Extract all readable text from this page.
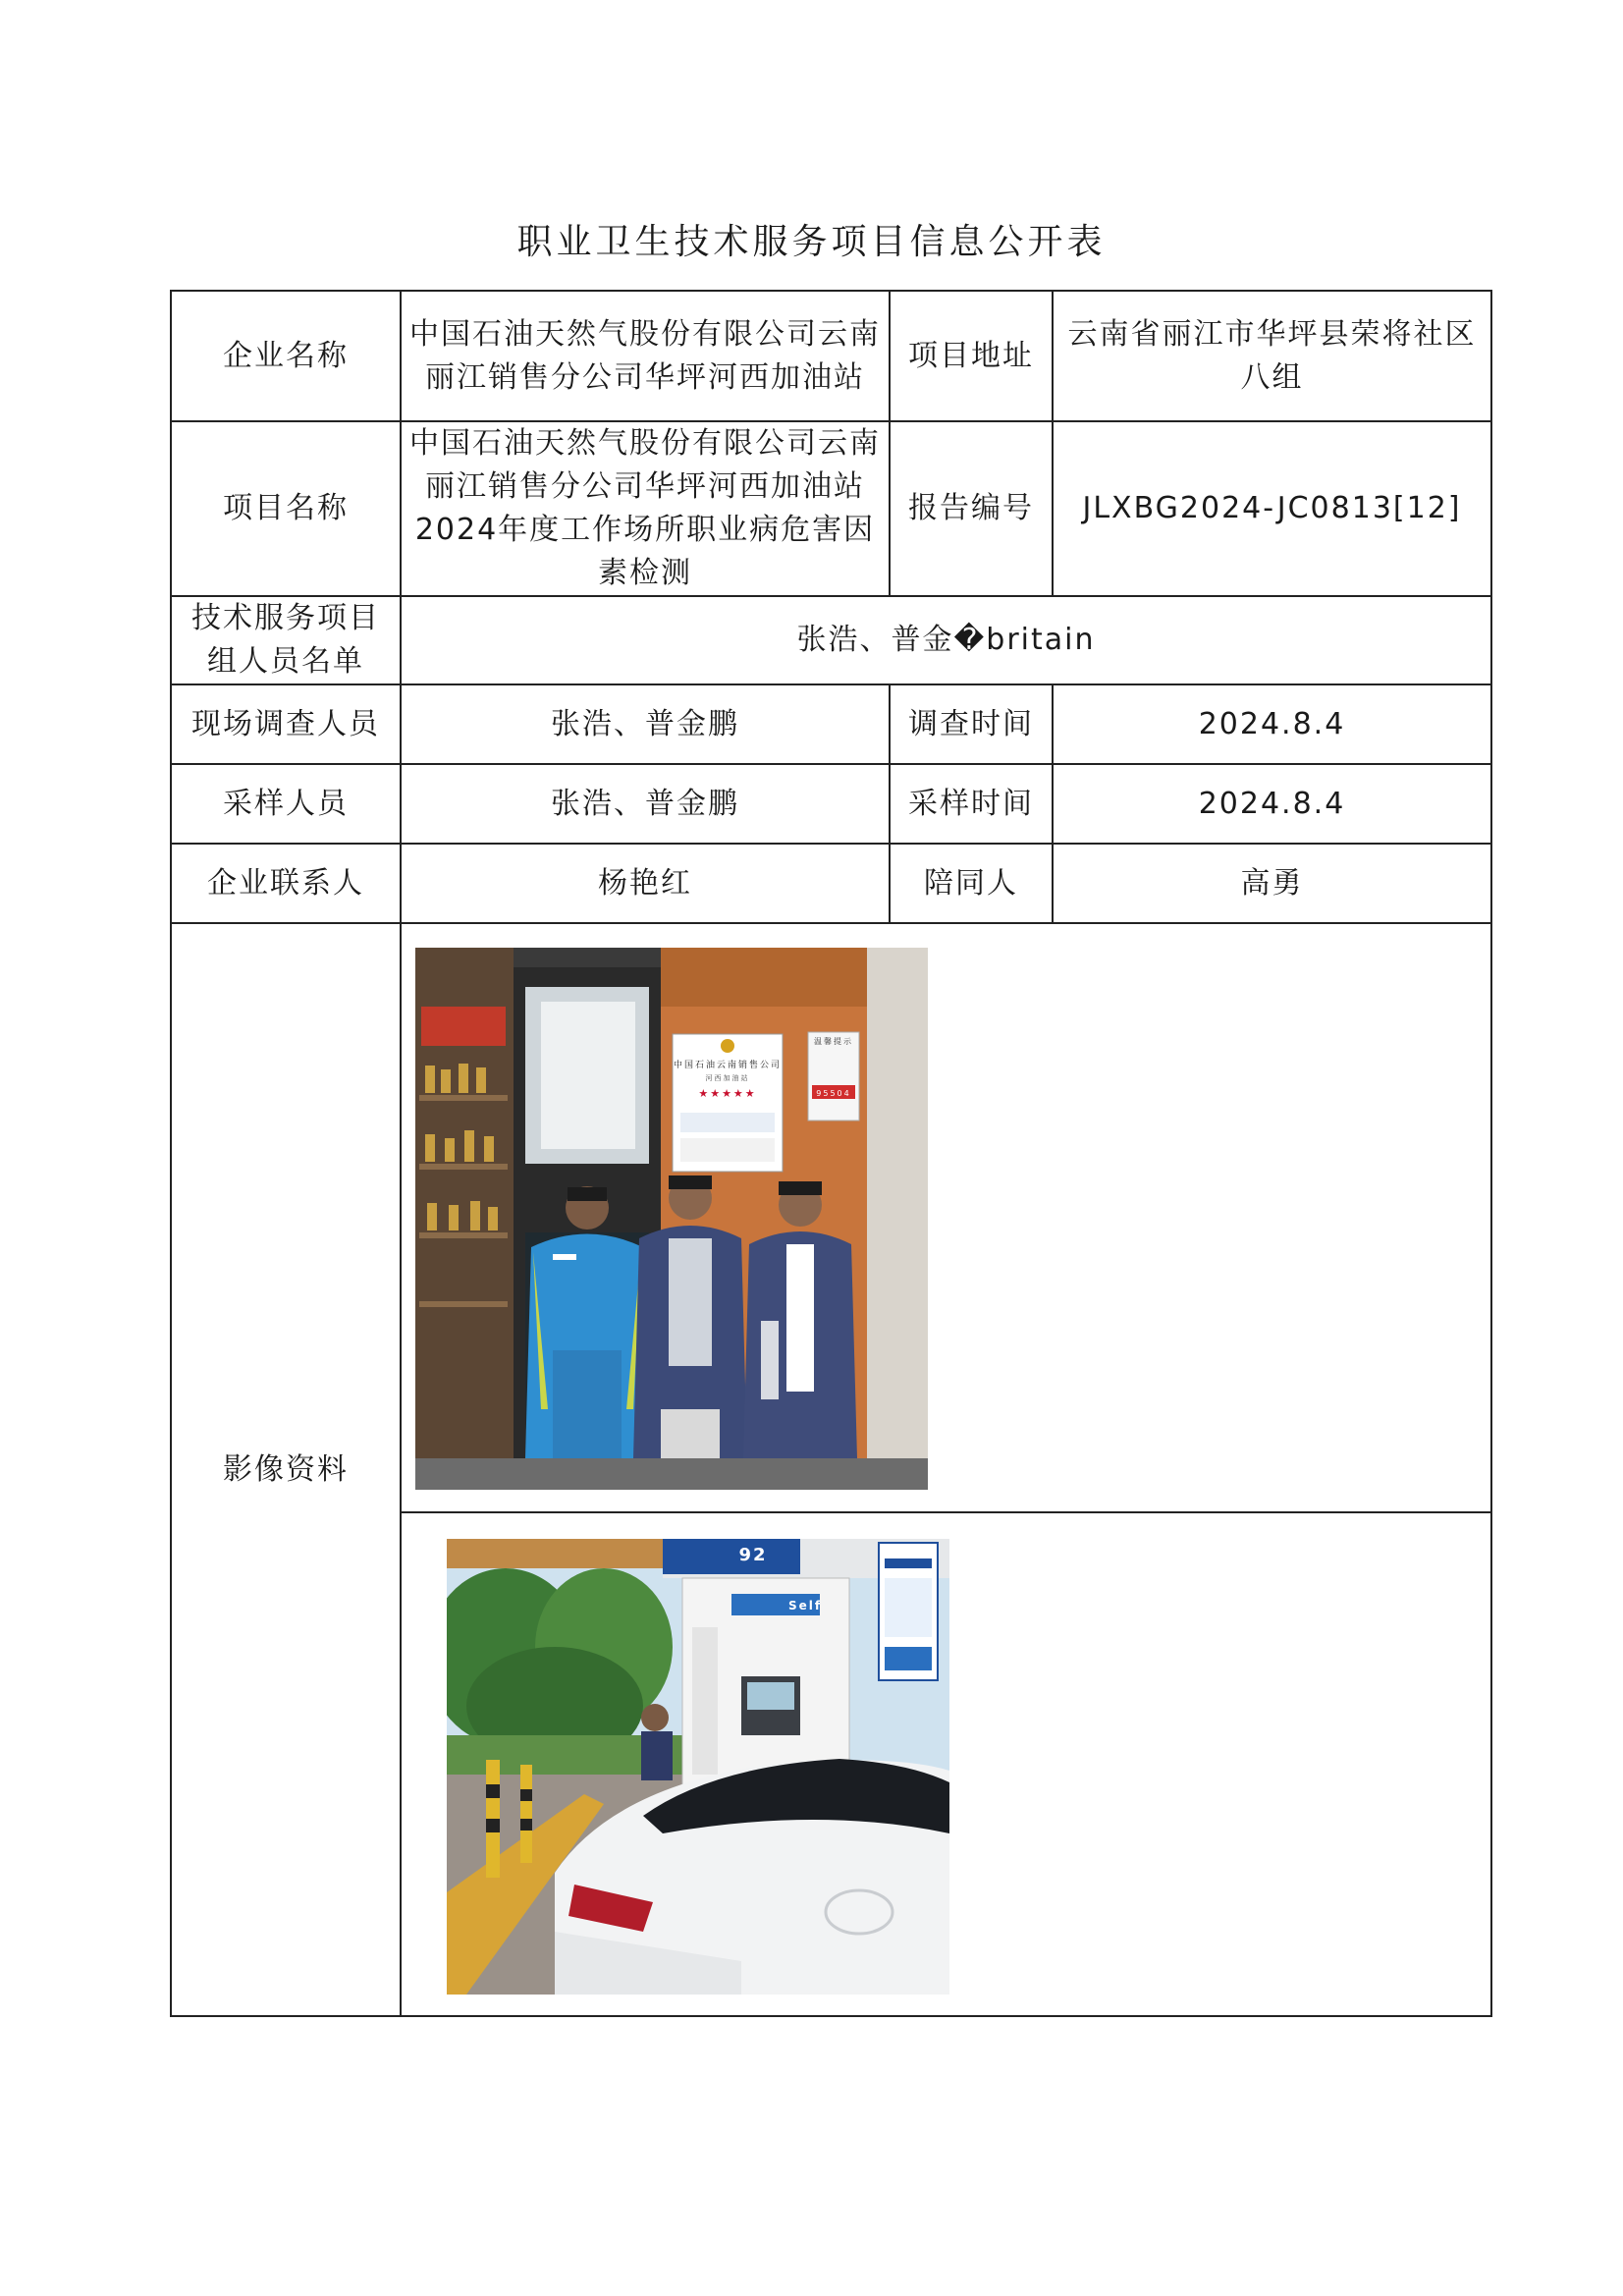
职业卫生技术服务项目信息公开表
企业名称	中国石油天然气股份有限公司云南丽江销售分公司华坪河西加油站	项目地址	云南省丽江市华坪县荣将社区八组
项目名称	中国石油天然气股份有限公司云南丽江销售分公司华坪河西加油站2024年度工作场所职业病危害因素检测	报告编号	JLXBG2024-JC0813[12]
技术服务项目组人员名单	张浩、普金�britain		
现场调查人员	张浩、普金鹏	调查时间	2024.8.4
采样人员	张浩、普金鹏	采样时间	2024.8.4
企业联系人	杨艳红	陪同人	高勇
影像资料	中国石油云南销售公司
河西加油站
★★★★★
温馨提示
95504		

92
Self		
